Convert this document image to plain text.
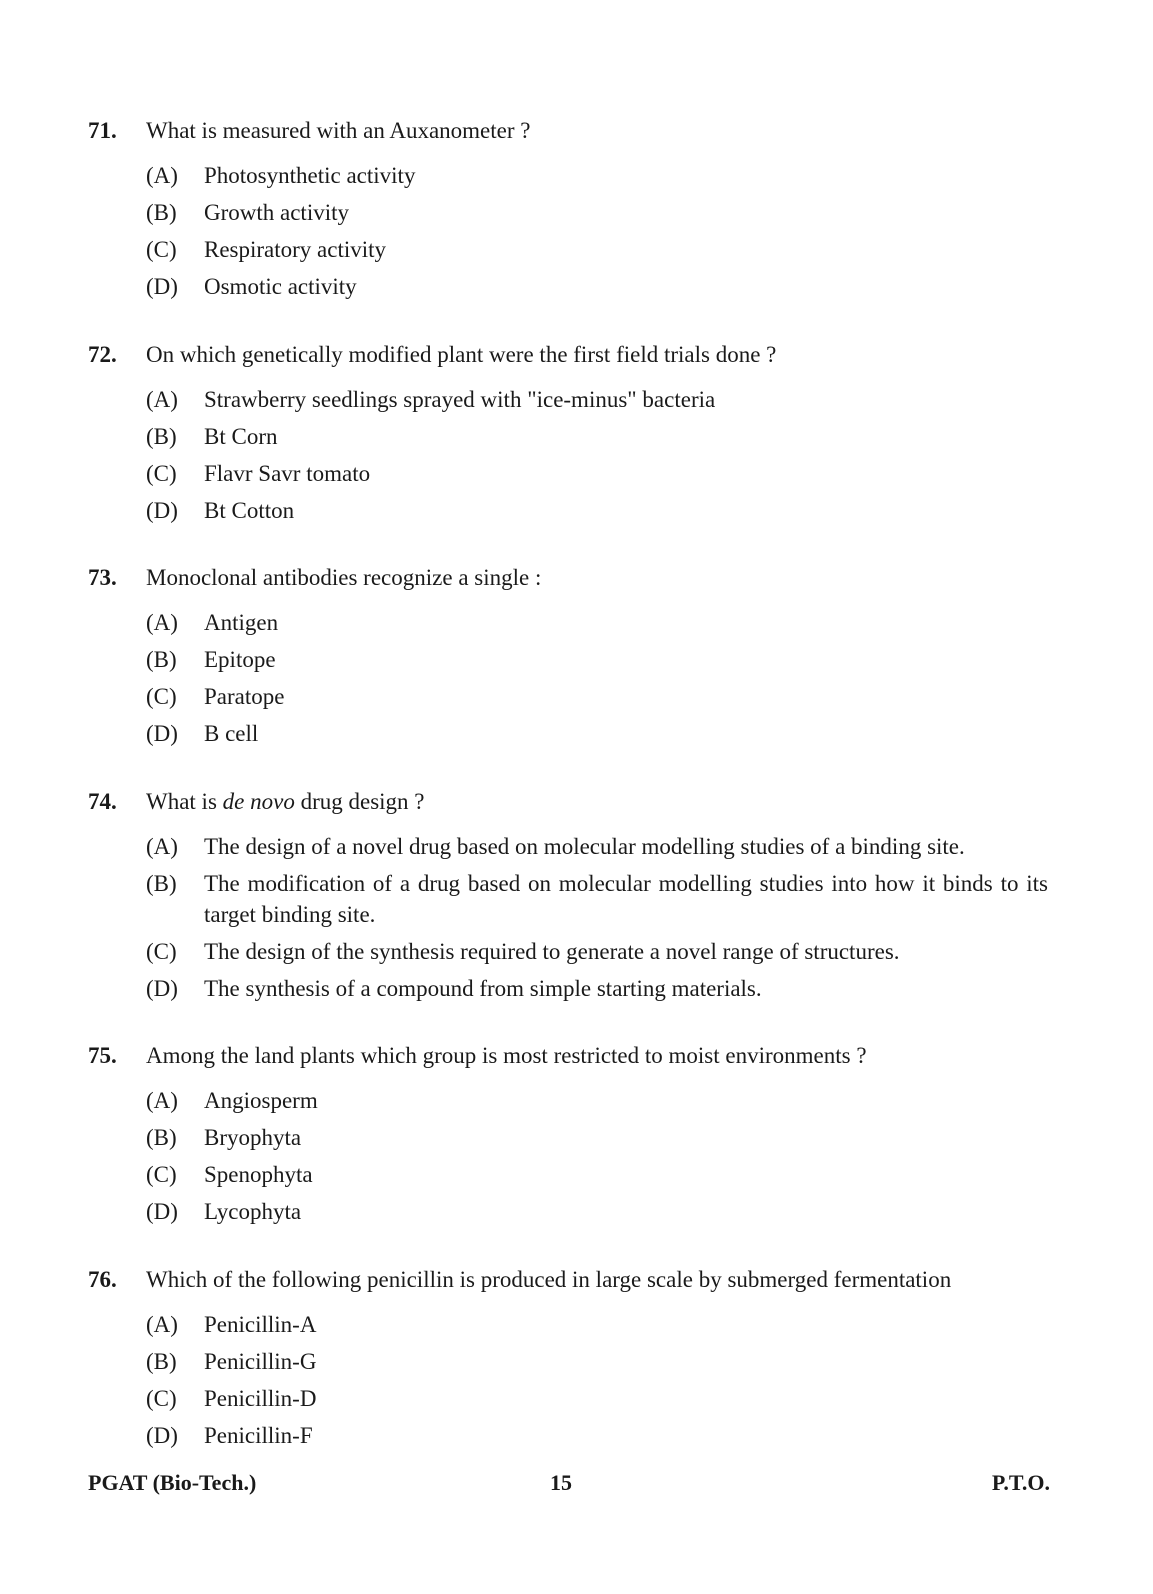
71.	What is measured with an Auxanometer ?
(A)	Photosynthetic activity
(B)	Growth activity
(C)	Respiratory activity
(D)	Osmotic activity
72.	On which genetically modified plant were the first field trials done ?
(A)	Strawberry seedlings sprayed with "ice-minus" bacteria
(B)	Bt Corn
(C)	Flavr Savr tomato
(D)	Bt Cotton
73.	Monoclonal antibodies recognize a single :
(A)	Antigen
(B)	Epitope
(C)	Paratope
(D)	B cell
74.	What is de novo drug design ?
(A)	The design of a novel drug based on molecular modelling studies of a binding site.
(B)	The modification of a drug based on molecular modelling studies into how it binds to its target binding site.
(C)	The design of the synthesis required to generate a novel range of structures.
(D)	The synthesis of a compound from simple starting materials.
75.	Among the land plants which group is most restricted to moist environments ?
(A)	Angiosperm
(B)	Bryophyta
(C)	Spenophyta
(D)	Lycophyta
76.	Which of the following penicillin is produced in large scale by submerged fermentation
(A)	Penicillin-A
(B)	Penicillin-G
(C)	Penicillin-D
(D)	Penicillin-F
PGAT (Bio-Tech.)	15	P.T.O.
